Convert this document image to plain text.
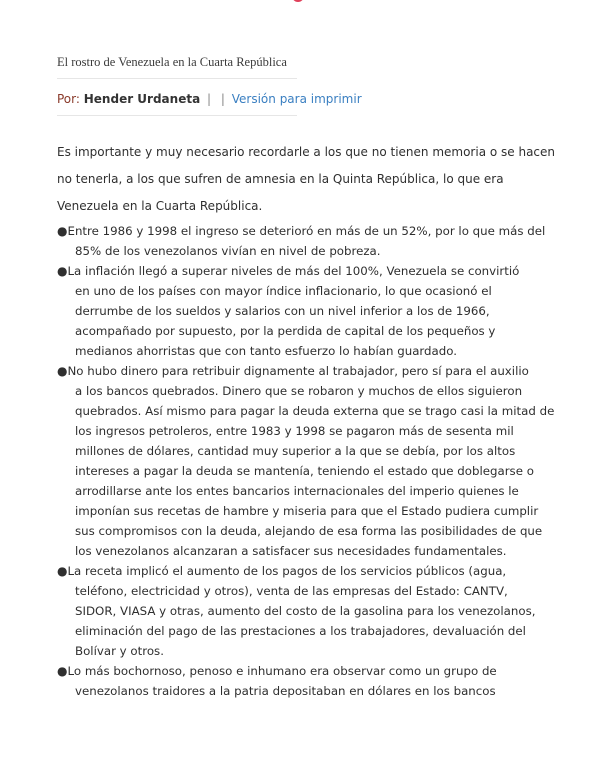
El rostro de Venezuela en la Cuarta República
Por: Hender Urdaneta | | Versión para imprimir
Es importante y muy necesario recordarle a los que no tienen memoria o se hacen
no tenerla, a los que sufren de amnesia en la Quinta República, lo que era
Venezuela en la Cuarta República.
●Entre 1986 y 1998 el ingreso se deterioró en más de un 52%, por lo que más del
85% de los venezolanos vivían en nivel de pobreza.
●La inflación llegó a superar niveles de más del 100%, Venezuela se convirtió
en uno de los países con mayor índice inflacionario, lo que ocasionó el
derrumbe de los sueldos y salarios con un nivel inferior a los de 1966,
acompañado por supuesto, por la perdida de capital de los pequeños y
medianos ahorristas que con tanto esfuerzo lo habían guardado.
●No hubo dinero para retribuir dignamente al trabajador, pero sí para el auxilio
a los bancos quebrados. Dinero que se robaron y muchos de ellos siguieron
quebrados. Así mismo para pagar la deuda externa que se trago casi la mitad de
los ingresos petroleros, entre 1983 y 1998 se pagaron más de sesenta mil
millones de dólares, cantidad muy superior a la que se debía, por los altos
intereses a pagar la deuda se mantenía, teniendo el estado que doblegarse o
arrodillarse ante los entes bancarios internacionales del imperio quienes le
imponían sus recetas de hambre y miseria para que el Estado pudiera cumplir
sus compromisos con la deuda, alejando de esa forma las posibilidades de que
los venezolanos alcanzaran a satisfacer sus necesidades fundamentales.
●La receta implicó el aumento de los pagos de los servicios públicos (agua,
teléfono, electricidad y otros), venta de las empresas del Estado: CANTV,
SIDOR, VIASA y otras, aumento del costo de la gasolina para los venezolanos,
eliminación del pago de las prestaciones a los trabajadores, devaluación del
Bolívar y otros.
●Lo más bochornoso, penoso e inhumano era observar como un grupo de
venezolanos traidores a la patria depositaban en dólares en los bancos
